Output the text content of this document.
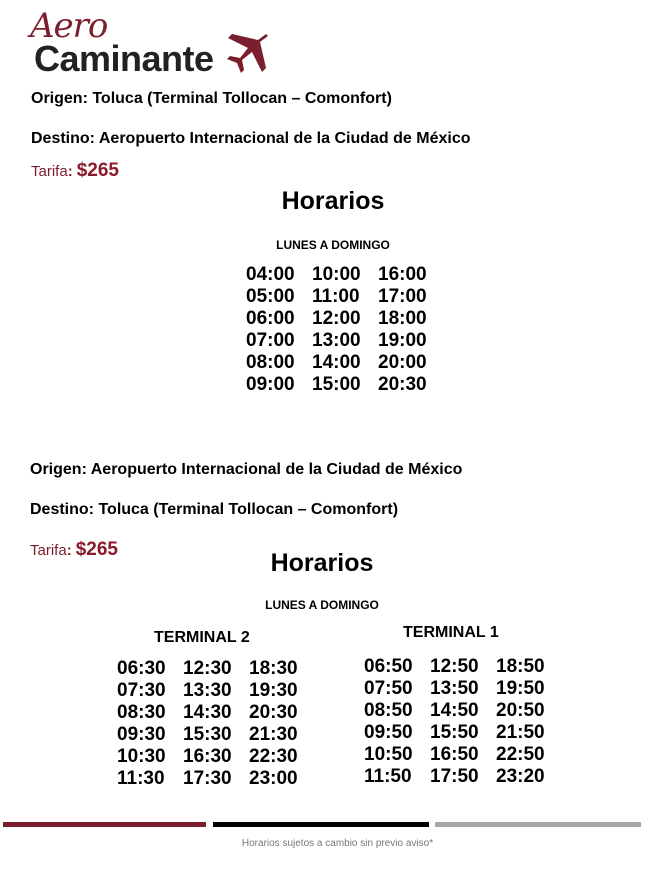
Aero
Caminante
Origen: Toluca (Terminal Tollocan – Comonfort)
Destino: Aeropuerto Internacional de la Ciudad de México
Tarifa: $265
Horarios
LUNES A DOMINGO
04:00 10:00 16:00
05:00 11:00 17:00
06:00 12:00 18:00
07:00 13:00 19:00
08:00 14:00 20:00
09:00 15:00 20:30
Origen: Aeropuerto Internacional de la Ciudad de México
Destino: Toluca (Terminal Tollocan – Comonfort)
Tarifa: $265	Horarios
LUNES A DOMINGO
TERMINAL 2
06:30 12:30 18:30
07:30 13:30 19:30
08:30 14:30 20:30
09:30 15:30 21:30
10:30 16:30 22:30
11:30 17:30 23:00
TERMINAL 1
06:50 12:50 18:50
07:50 13:50 19:50
08:50 14:50 20:50
09:50 15:50 21:50
10:50 16:50 22:50
11:50 17:50 23:20
Horarios sujetos a cambio sin previo aviso*
